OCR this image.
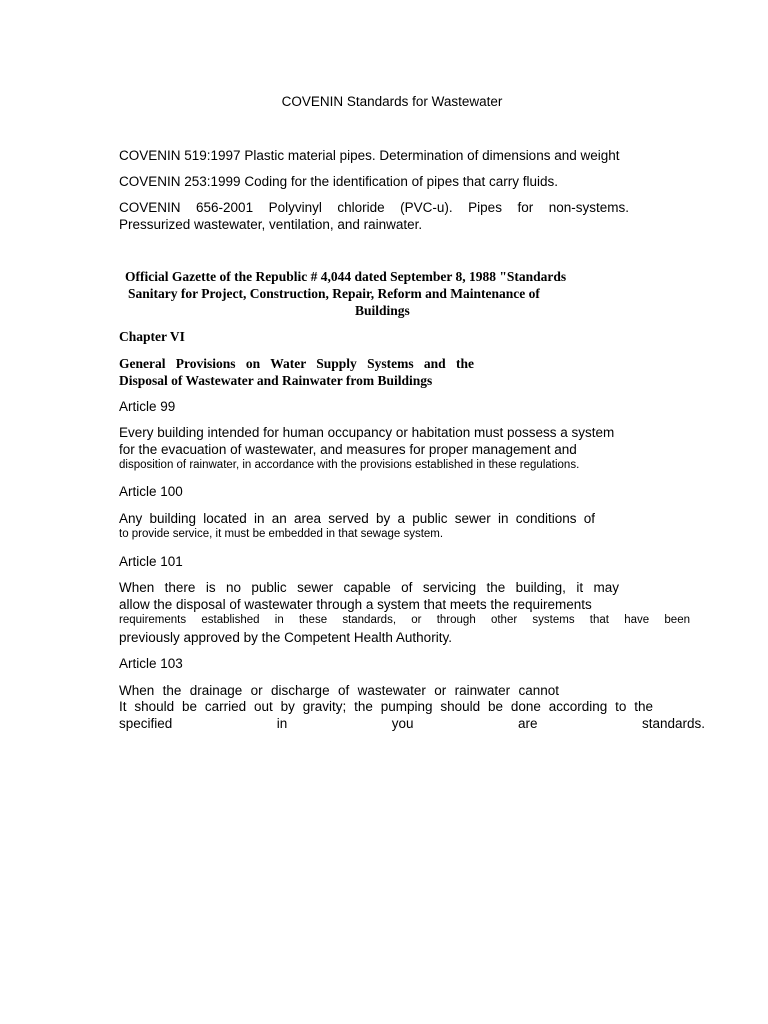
COVENIN Standards for Wastewater
COVENIN 519:1997 Plastic material pipes. Determination of dimensions and weight
COVENIN 253:1999 Coding for the identification of pipes that carry fluids.
COVENIN 656-2001 Polyvinyl chloride (PVC-u). Pipes for non-systems.
Pressurized wastewater, ventilation, and rainwater.
Official Gazette of the Republic # 4,044 dated September 8, 1988 "Standards
Sanitary for Project, Construction, Repair, Reform and Maintenance of
Buildings
Chapter VI
General Provisions on Water Supply Systems and the
Disposal of Wastewater and Rainwater from Buildings
Article 99
Every building intended for human occupancy or habitation must possess a system
for the evacuation of wastewater, and measures for proper management and
disposition of rainwater, in accordance with the provisions established in these regulations.
Article 100
Any building located in an area served by a public sewer in conditions of
to provide service, it must be embedded in that sewage system.
Article 101
When there is no public sewer capable of servicing the building, it may
allow the disposal of wastewater through a system that meets the requirements
requirements established in these standards, or through other systems that have been
previously approved by the Competent Health Authority.
Article 103
When the drainage or discharge of wastewater or rainwater cannot
It should be carried out by gravity; the pumping should be done according to the
specified in you are standards.
